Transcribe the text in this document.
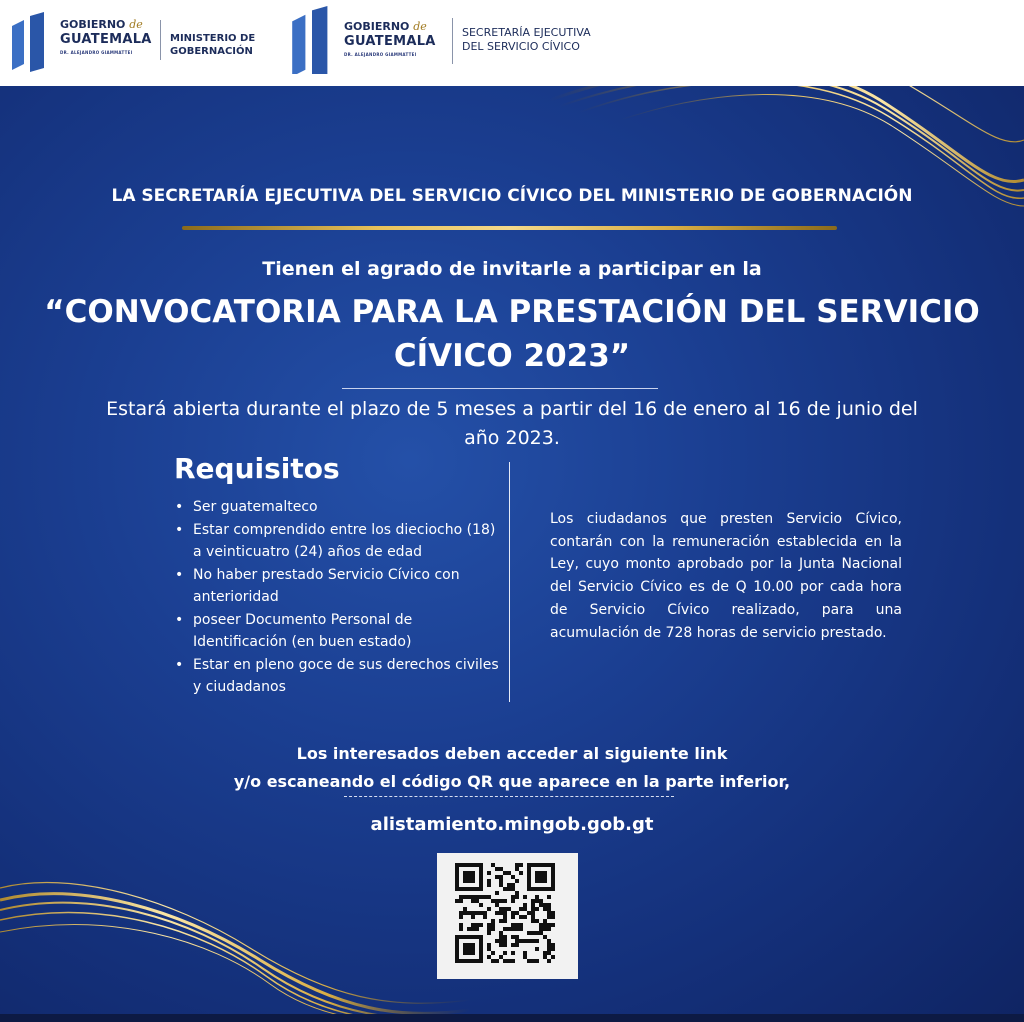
GOBIERNO de
GUATEMALA
DR. ALEJANDRO GIAMMATTEI
MINISTERIO DE
GOBERNACIÓN
GOBIERNO de
GUATEMALA
DR. ALEJANDRO GIAMMATTEI
SECRETARÍA EJECUTIVA
DEL SERVICIO CÍVICO
LA SECRETARÍA EJECUTIVA DEL SERVICIO CÍVICO DEL MINISTERIO DE GOBERNACIÓN
Tienen el agrado de invitarle a participar en la
“CONVOCATORIA PARA LA PRESTACIÓN DEL SERVICIO CÍVICO 2023”
Estará abierta durante el plazo de 5 meses a partir del 16 de enero al 16 de junio del año 2023.
Requisitos
• Ser guatemalteco
• Estar comprendido entre los dieciocho (18) a veinticuatro (24) años de edad
• No haber prestado Servicio Cívico con anterioridad
• poseer Documento Personal de Identificación (en buen estado)
• Estar en pleno goce de sus derechos civiles y ciudadanos
Los ciudadanos que presten Servicio Cívico, contarán con la remuneración establecida en la Ley, cuyo monto aprobado por la Junta Nacional del Servicio Cívico es de Q 10.00 por cada hora de Servicio Cívico realizado, para una acumulación de 728 horas de servicio prestado.
Los interesados deben acceder al siguiente link
y/o escaneando el código QR que aparece en la parte inferior,
alistamiento.mingob.gob.gt
